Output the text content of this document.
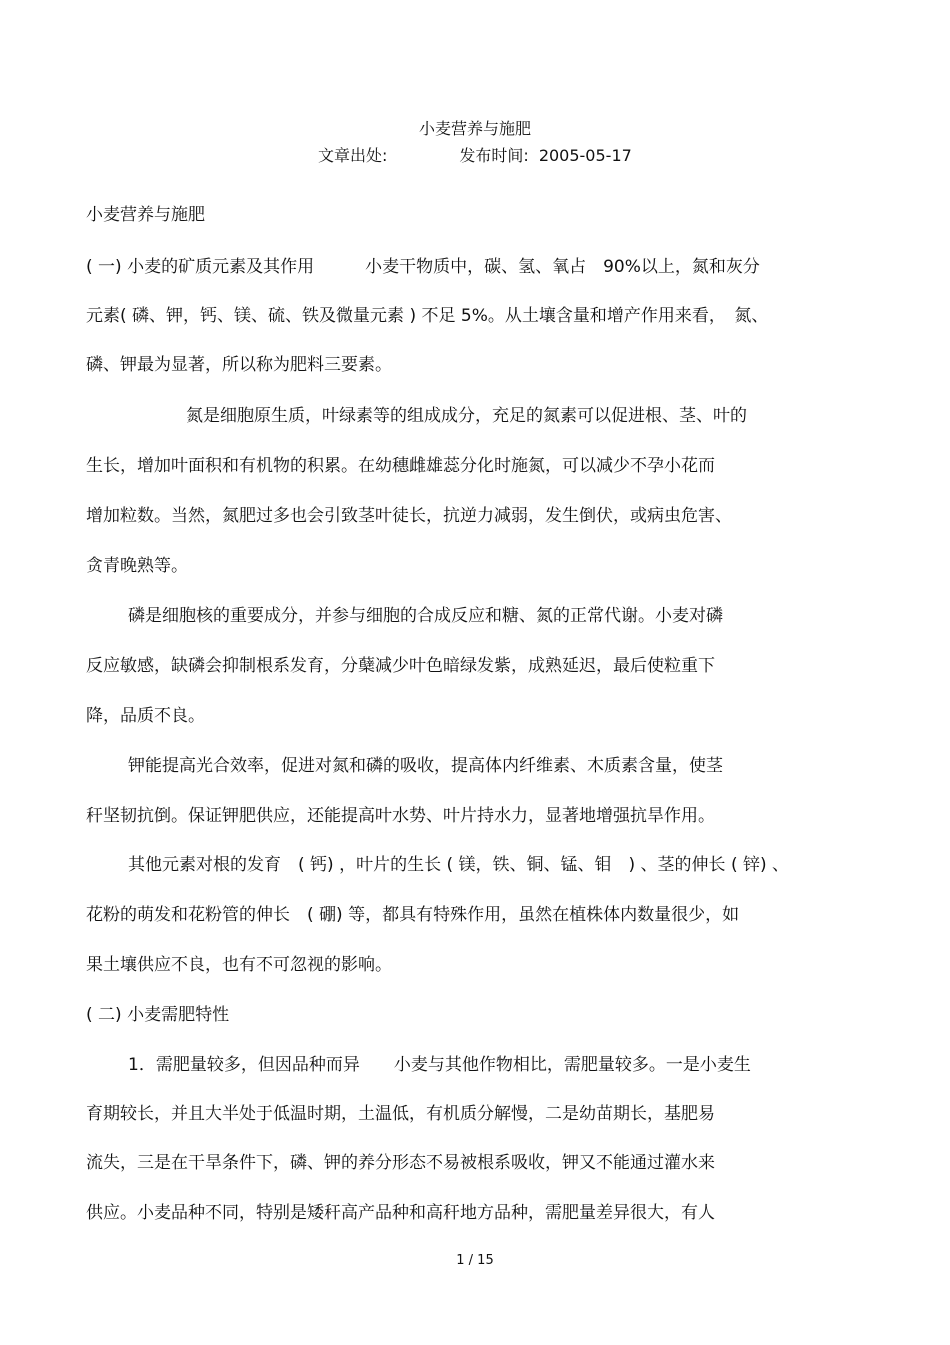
小麦营养与施肥
文章出处:	发布时间: 2005-05-17
小麦营养与施肥
( 一) 小麦的矿质元素及其作用　　　小麦干物质中，碳、氢、氧占　90%以上，氮和灰分
元素( 磷、钾，钙、镁、硫、铁及微量元素 ) 不足 5%。从土壤含量和增产作用来看，　氮、
磷、钾最为显著，所以称为肥料三要素。
氮是细胞原生质，叶绿素等的组成成分，充足的氮素可以促进根、茎、叶的
生长，增加叶面积和有机物的积累。在幼穗雌雄蕊分化时施氮，可以减少不孕小花而
增加粒数。当然，氮肥过多也会引致茎叶徒长，抗逆力减弱，发生倒伏，或病虫危害、
贪青晚熟等。
磷是细胞核的重要成分，并参与细胞的合成反应和糖、氮的正常代谢。小麦对磷
反应敏感，缺磷会抑制根系发育，分蘖减少叶色暗绿发紫，成熟延迟，最后使粒重下
降，品质不良。
钾能提高光合效率，促进对氮和磷的吸收，提高体内纤维素、木质素含量，使茎
秆坚韧抗倒。保证钾肥供应，还能提高叶水势、叶片持水力，显著地增强抗旱作用。
其他元素对根的发育　( 钙) ，叶片的生长 ( 镁，铁、铜、锰、钼　) 、茎的伸长 ( 锌) 、
花粉的萌发和花粉管的伸长　( 硼) 等，都具有特殊作用，虽然在植株体内数量很少，如
果土壤供应不良，也有不可忽视的影响。
( 二) 小麦需肥特性
1．需肥量较多，但因品种而异　　小麦与其他作物相比，需肥量较多。一是小麦生
育期较长，并且大半处于低温时期，土温低，有机质分解慢，二是幼苗期长，基肥易
流失，三是在干旱条件下，磷、钾的养分形态不易被根系吸收，钾又不能通过灌水来
供应。小麦品种不同，特别是矮秆高产品种和高秆地方品种，需肥量差异很大，有人
1 / 15
